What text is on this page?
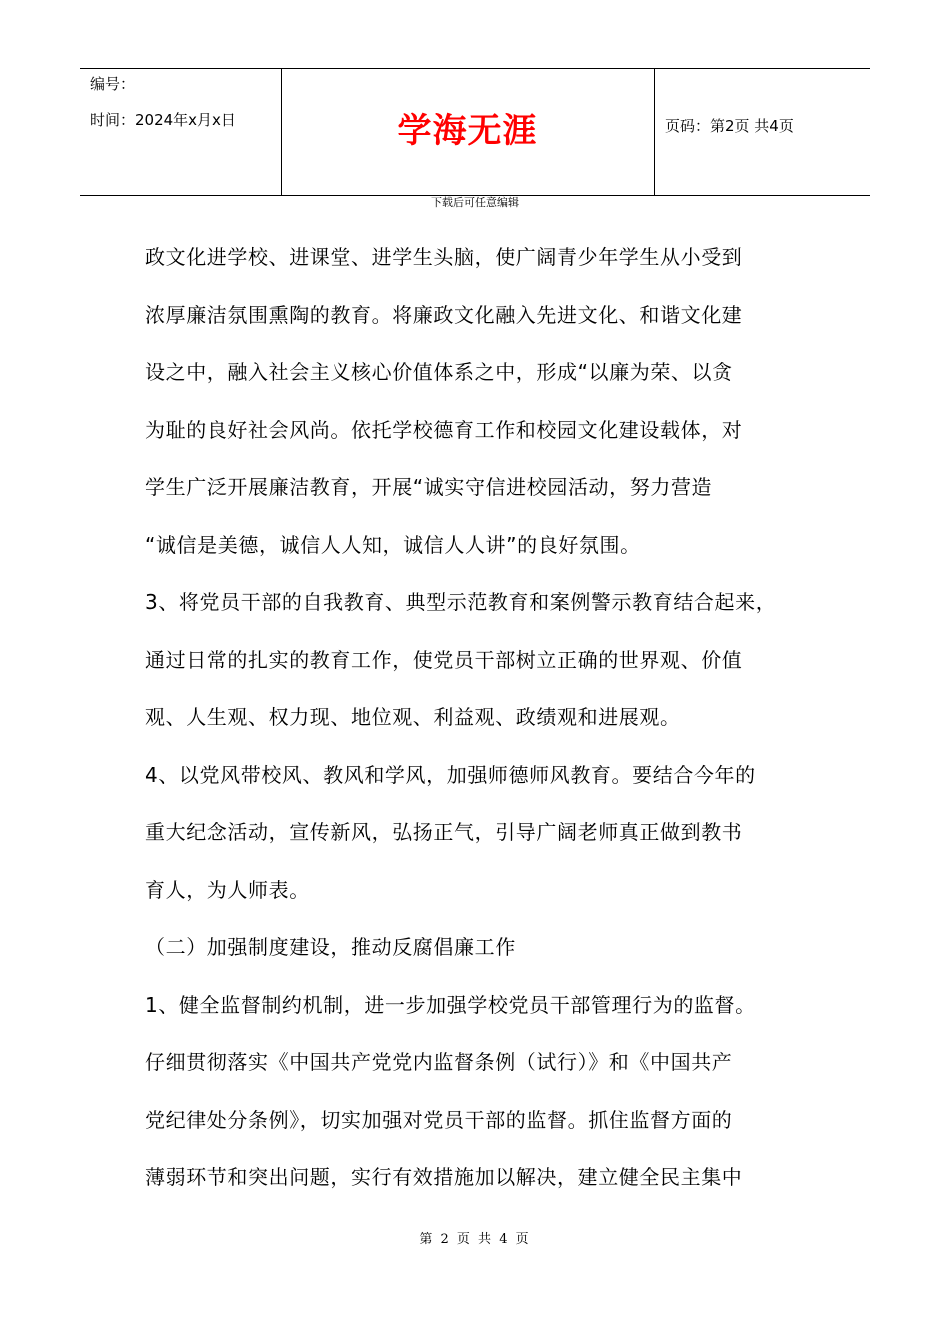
编号：
时间：2024年x月x日	学海无涯	页码：第2页 共4页
下载后可任意编辑
政文化进学校、进课堂、进学生头脑，使广阔青少年学生从小受到
浓厚廉洁氛围熏陶的教育。将廉政文化融入先进文化、和谐文化建
设之中，融入社会主义核心价值体系之中，形成“以廉为荣、以贪
为耻的良好社会风尚。依托学校德育工作和校园文化建设载体，对
学生广泛开展廉洁教育，开展“诚实守信进校园活动，努力营造
“诚信是美德，诚信人人知，诚信人人讲”的良好氛围。
3、将党员干部的自我教育、典型示范教育和案例警示教育结合起来，
通过日常的扎实的教育工作，使党员干部树立正确的世界观、价值
观、人生观、权力现、地位观、利益观、政绩观和进展观。
4、以党风带校风、教风和学风，加强师德师风教育。要结合今年的
重大纪念活动，宣传新风，弘扬正气，引导广阔老师真正做到教书
育人，为人师表。
（二）加强制度建设，推动反腐倡廉工作
1、健全监督制约机制，进一步加强学校党员干部管理行为的监督。
仔细贯彻落实《中国共产党党内监督条例（试行）》和《中国共产
党纪律处分条例》，切实加强对党员干部的监督。抓住监督方面的
薄弱环节和突出问题，实行有效措施加以解决，建立健全民主集中
第 2 页 共 4 页
